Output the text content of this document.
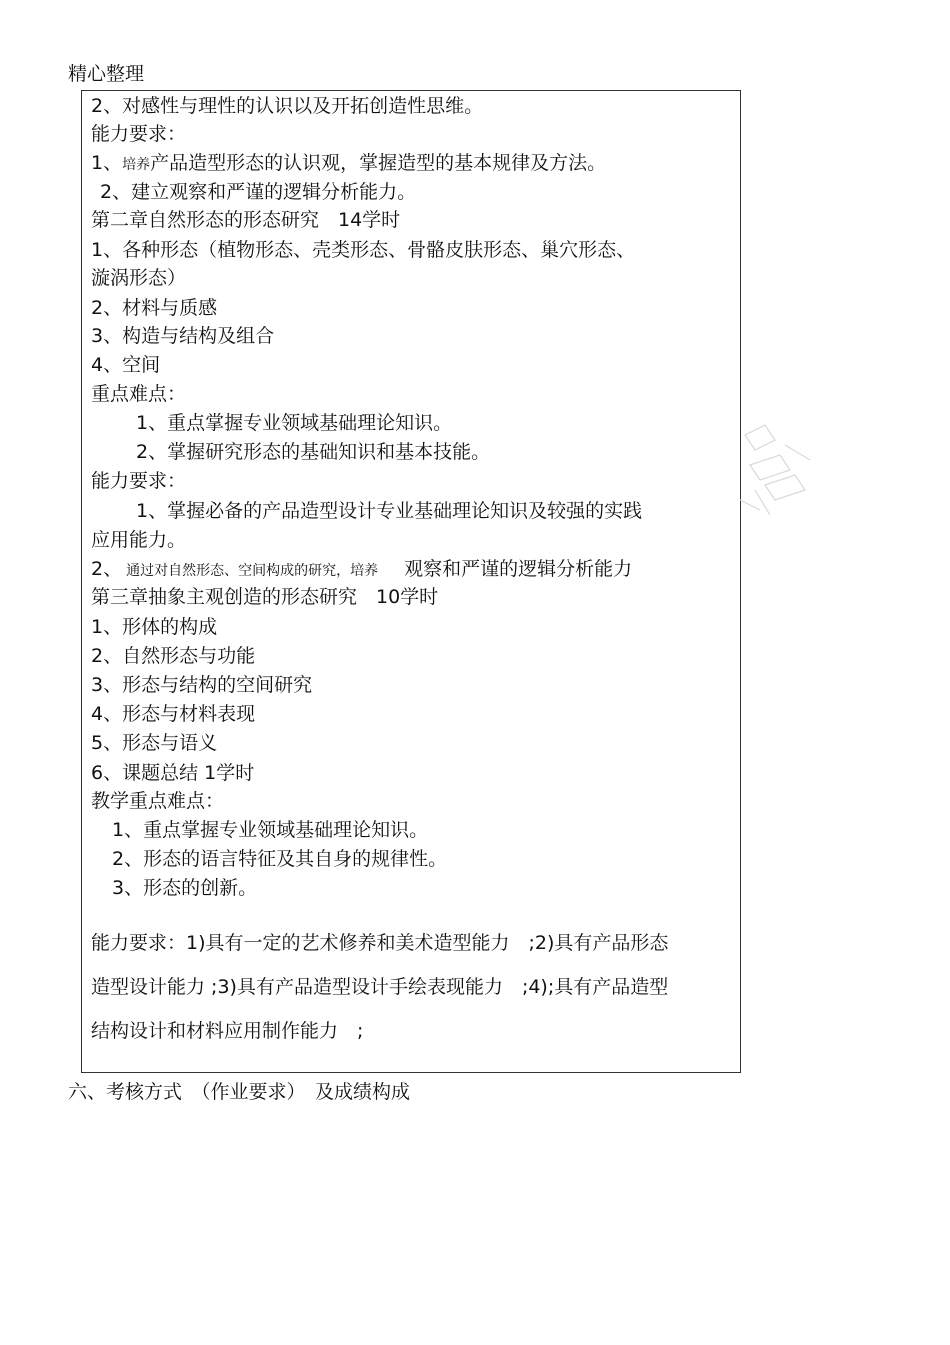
精心整理
2、对感性与理性的认识以及开拓创造性思维。
能力要求：
1、培养产品造型形态的认识观，掌握造型的基本规律及方法。
2、建立观察和严谨的逻辑分析能力。
第二章自然形态的形态研究　14学时
1、各种形态（植物形态、壳类形态、骨骼皮肤形态、巢穴形态、
漩涡形态）
2、材料与质感
3、构造与结构及组合
4、空间
重点难点：
1、重点掌握专业领域基础理论知识。
2、掌握研究形态的基础知识和基本技能。
能力要求：
1、掌握必备的产品造型设计专业基础理论知识及较强的实践
应用能力。
2、 通过对自然形态、空间构成的研究，培养 观察和严谨的逻辑分析能力
第三章抽象主观创造的形态研究　10学时
1、形体的构成
2、自然形态与功能
3、形态与结构的空间研究
4、形态与材料表现
5、形态与语义
6、课题总结 1学时
教学重点难点：
1、重点掌握专业领域基础理论知识。
2、形态的语言特征及其自身的规律性。
3、形态的创新。
能力要求：1)具有一定的艺术修养和美术造型能力　;2)具有产品形态
造型设计能力 ;3)具有产品造型设计手绘表现能力　;4);具有产品造型
结构设计和材料应用制作能力　;
六、考核方式　（作业要求）　及成绩构成
